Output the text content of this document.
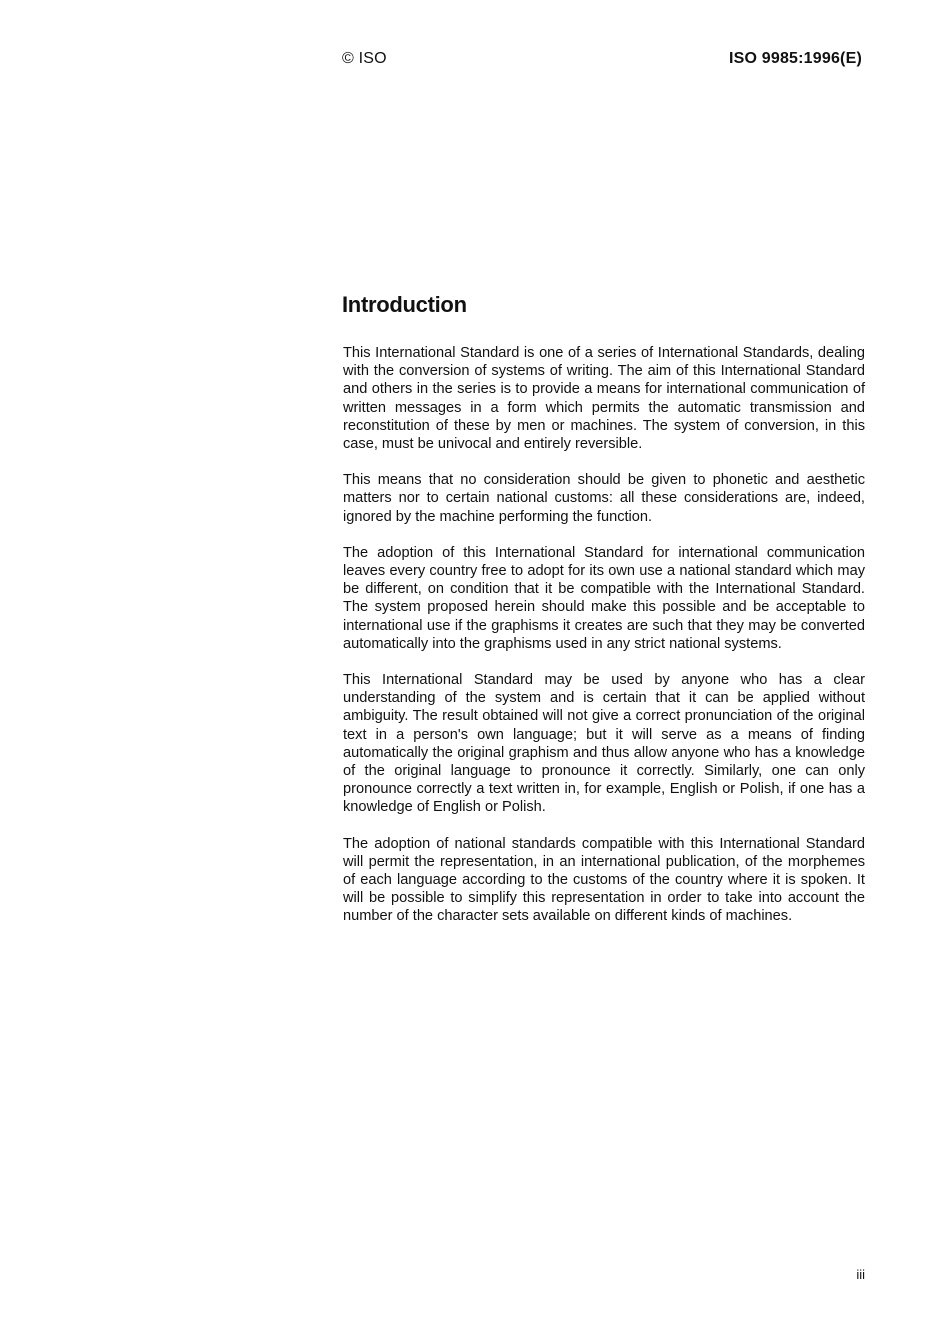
© ISO	ISO 9985:1996(E)
Introduction

This International Standard is one of a series of International Standards, dealing with the conversion of systems of writing. The aim of this International Standard and others in the series is to provide a means for international communication of written messages in a form which permits the automatic transmission and reconstitution of these by men or machines. The system of conversion, in this case, must be univocal and entirely reversible.

This means that no consideration should be given to phonetic and aesthetic matters nor to certain national customs: all these considerations are, indeed, ignored by the machine performing the function.

The adoption of this International Standard for international communication leaves every country free to adopt for its own use a national standard which may be different, on condition that it be compatible with the International Standard. The system proposed herein should make this possible and be acceptable to international use if the graphisms it creates are such that they may be converted automatically into the graphisms used in any strict national systems.

This International Standard may be used by anyone who has a clear understanding of the system and is certain that it can be applied without ambiguity. The result obtained will not give a correct pronunciation of the original text in a person's own language; but it will serve as a means of finding automatically the original graphism and thus allow anyone who has a knowledge of the original language to pronounce it correctly. Similarly, one can only pronounce correctly a text written in, for example, English or Polish, if one has a knowledge of English or Polish.

The adoption of national standards compatible with this International Standard will permit the representation, in an international publication, of the morphemes of each language according to the customs of the country where it is spoken. It will be possible to simplify this representation in order to take into account the number of the character sets available on different kinds of machines.

iii
